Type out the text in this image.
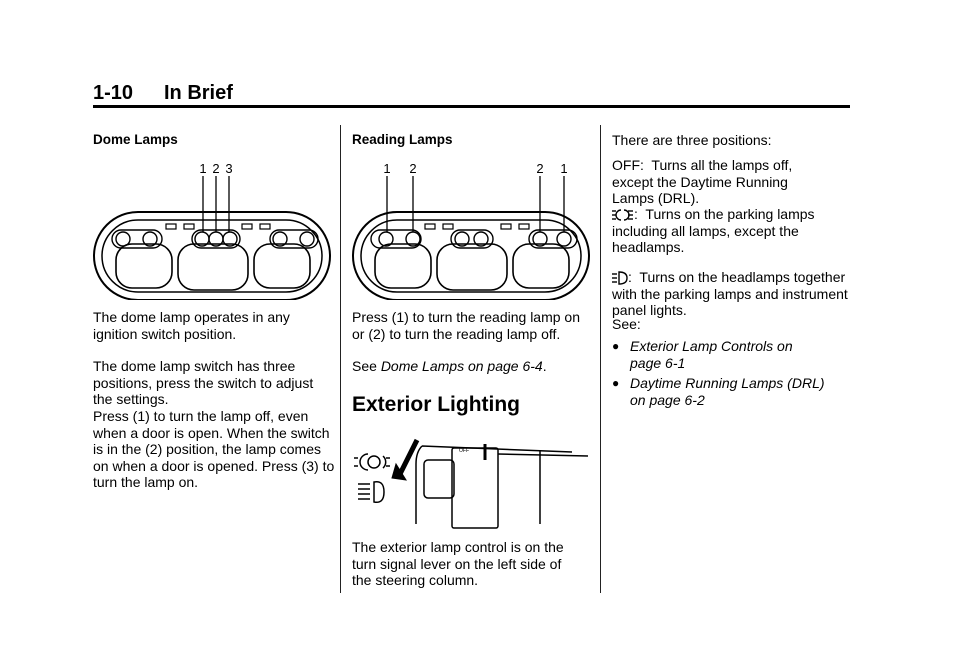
1-10 In Brief
Dome Lamps
1 2 3

The dome lamp operates in any ignition switch position.

The dome lamp switch has three positions, press the switch to adjust the settings.

Press (1) to turn the lamp off, even when a door is open. When the switch is in the (2) position, the lamp comes on when a door is opened. Press (3) to turn the lamp on.

Reading Lamps
1 2	2 1

Press (1) to turn the reading lamp on or (2) to turn the reading lamp off.

See Dome Lamps on page 6-4.

Exterior Lighting
OFF

The exterior lamp control is on the turn signal lever on the left side of the steering column.

There are three positions:

OFF: Turns all the lamps off, except the Daytime Running Lamps (DRL).

: Turns on the parking lamps including all lamps, except the headlamps.

: Turns on the headlamps together with the parking lamps and instrument panel lights.

See:

● Exterior Lamp Controls on
page 6-1
● Daytime Running Lamps (DRL)
on page 6-2
